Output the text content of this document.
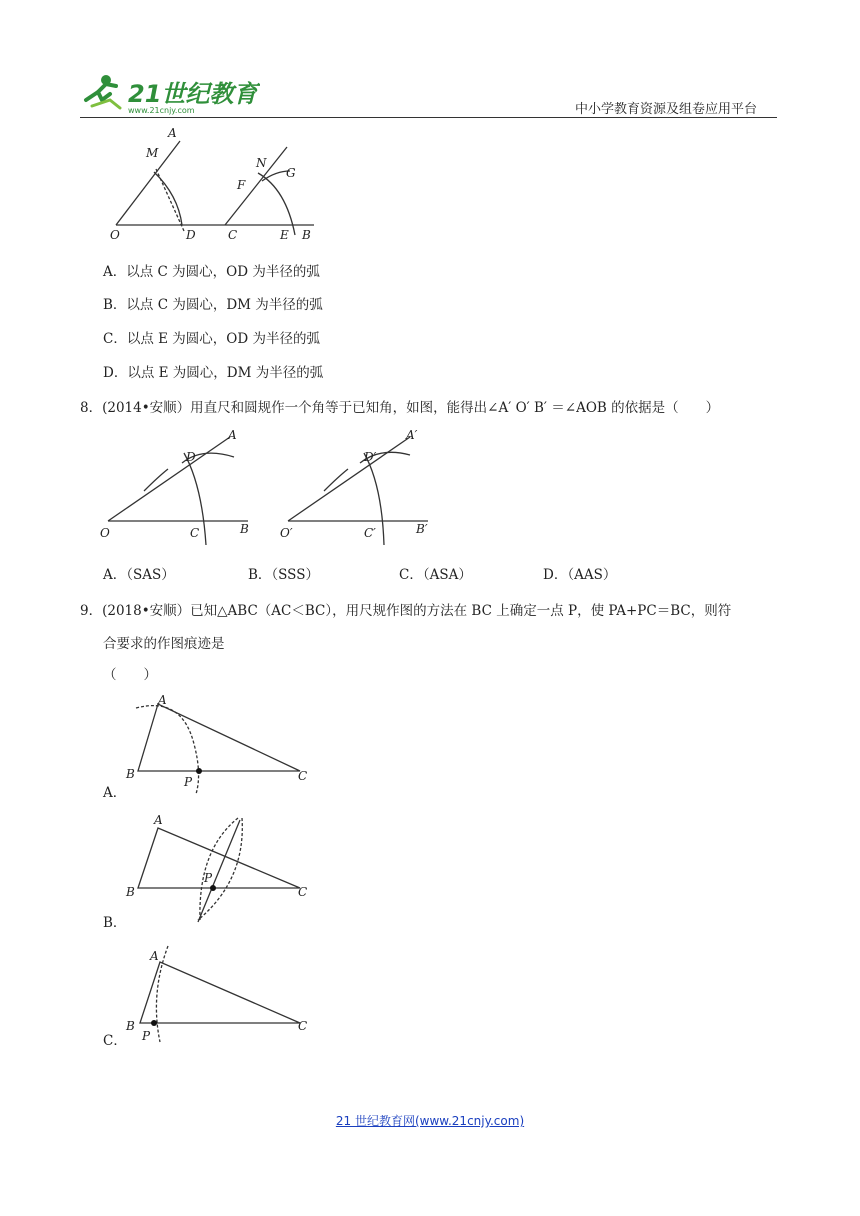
21世纪教育
www.21cnjy.com	中小学教育资源及组卷应用平台
A
M
O	D
N
G
F
C	E B
A．以点 C 为圆心，OD 为半径的弧
B．以点 C 为圆心，DM 为半径的弧
C．以点 E 为圆心，OD 为半径的弧
D．以点 E 为圆心，DM 为半径的弧
8．(2014•安顺）用直尺和圆规作一个角等于已知角，如图，能得出∠A′ O′ B′ ＝∠AOB 的依据是（　　）
A
D
O	C	B
A′
D′
O′	C′	B′
A．（SAS）	B．（SSS）	C．（ASA）	D．（AAS）
9．(2018•安顺）已知△ABC（AC＜BC），用尺规作图的方法在 BC 上确定一点 P，使 PA+PC＝BC，则符
合要求的作图痕迹是
（　　）
A
B
P	C
A．
A
B
P
C
B．
A
B
P
C
C．
21 世纪教育网(www.21cnjy.com)
